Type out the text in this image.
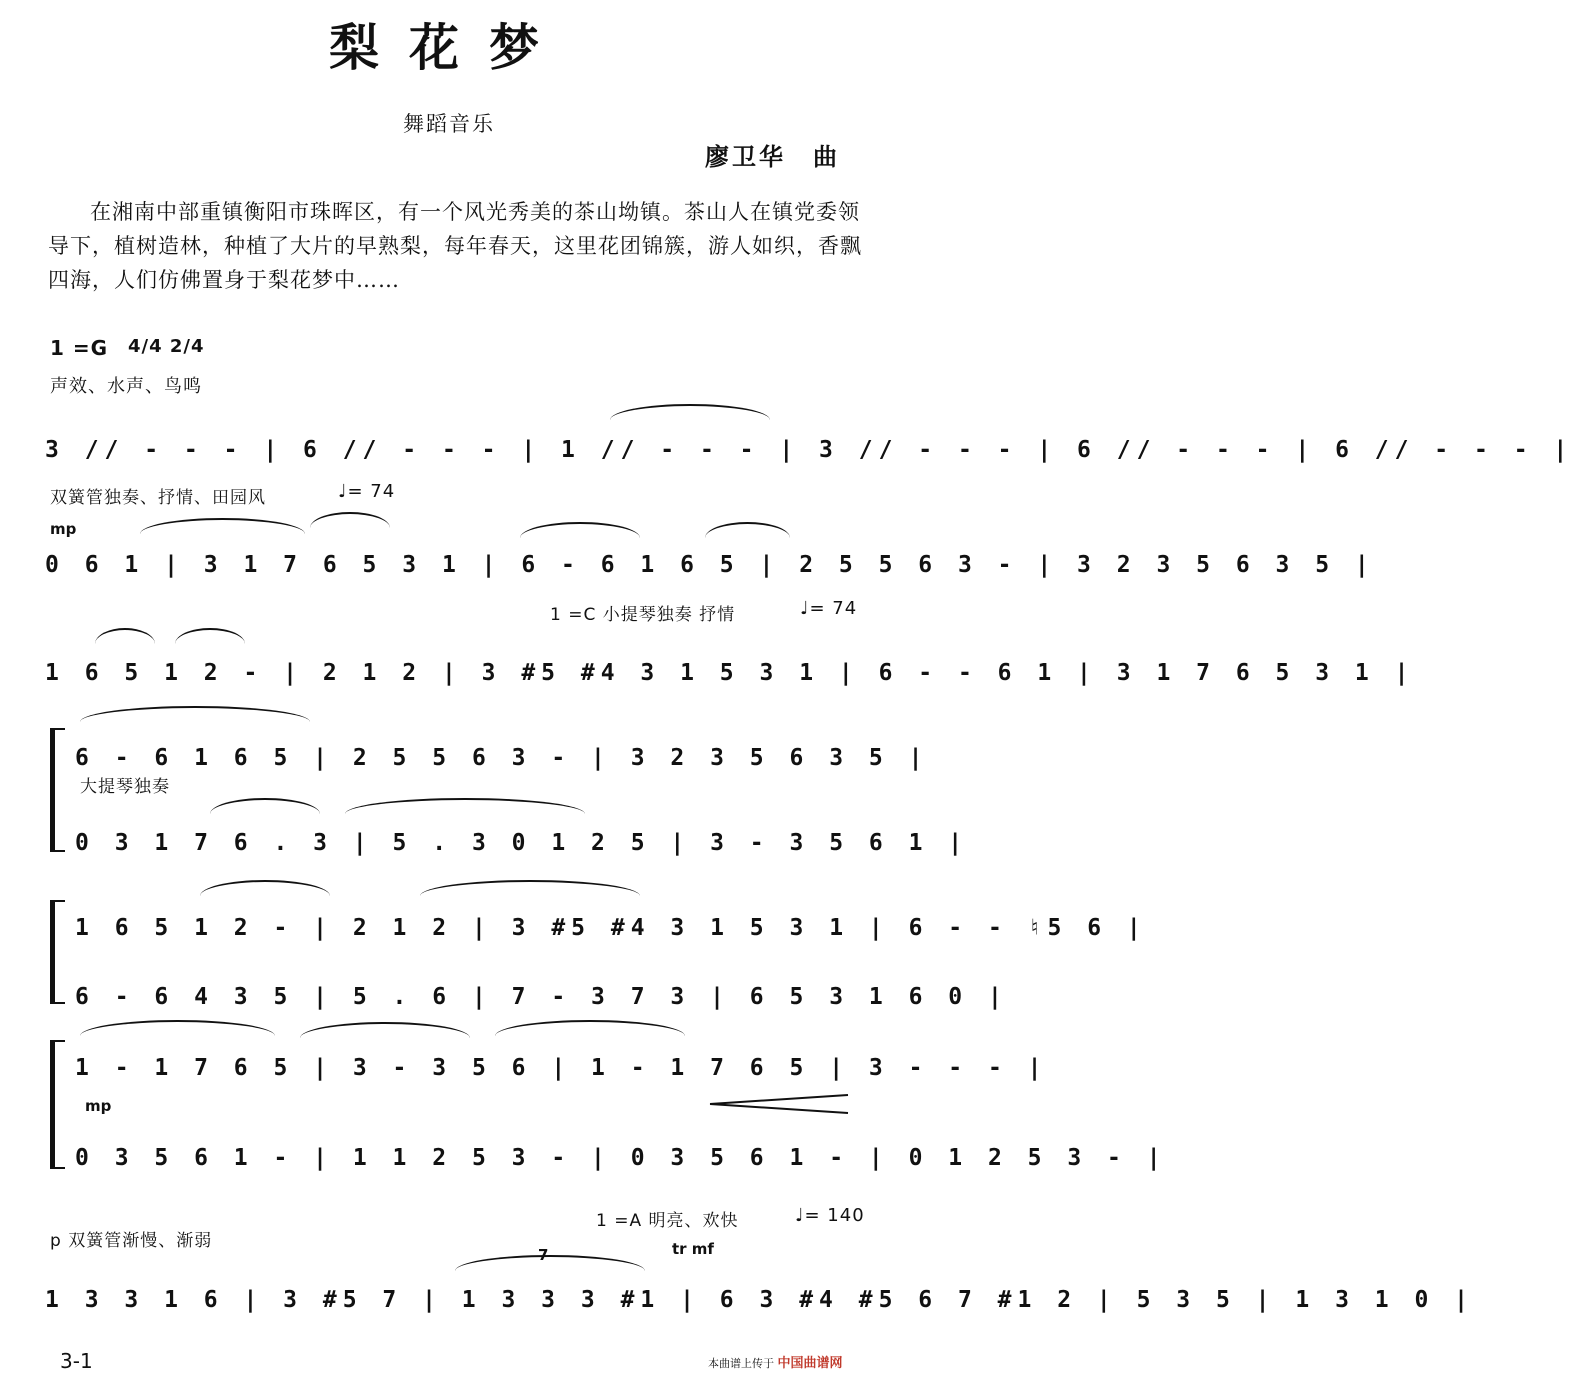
梨花梦
舞蹈音乐
廖卫华　曲

在湘南中部重镇衡阳市珠晖区，有一个风光秀美的茶山坳镇。茶山人在镇党委领导下，植树造林，种植了大片的早熟梨，每年春天，这里花团锦簇，游人如织，香飘四海，人们仿佛置身于梨花梦中……

1 =G 4/4 2/4
声效、水声、鸟鸣
3 // - - - | 6 // - - - | 1 // - - - | 3 // - - - | 6 // - - - | 6 // - - - |
双簧管独奏、抒情、田园风	♩= 74
mp
0 6 1 | 3 1 7 6 5 3 1 | 6 - 6 1 6 5 | 2 5 5 6 3 - | 3 2 3 5 6 3 5 |
1 =C 小提琴独奏 抒情	♩= 74
1 6 5 1 2 - | 2 1 2 | 3 #5 #4 3 1 5 3 1 | 6 - - 6 1 | 3 1 7 6 5 3 1 |
6 - 6 1 6 5 | 2 5 5 6 3 - | 3 2 3 5 6 3 5 |
大提琴独奏
0 3 1 7 6 . 3 | 5 . 3 0 1 2 5 | 3 - 3 5 6 1 |
1 6 5 1 2 - | 2 1 2 | 3 #5 #4 3 1 5 3 1 | 6 - - ♮5 6 |
6 - 6 4 3 5 | 5 . 6 | 7 - 3 7 3 | 6 5 3 1 6 0 |
1 - 1 7 6 5 | 3 - 3 5 6 | 1 - 1 7 6 5 | 3 - - - |
mp
0 3 5 6 1 - | 1 1 2 5 3 - | 0 3 5 6 1 - | 0 1 2 5 3 - |
p 双簧管渐慢、渐弱
1 =A 明亮、欢快	♩= 140
tr mf
7
1 3 3 1 6 | 3 #5 7 | 1 3 3 3 #1 | 6 3 #4 #5 6 7 #1 2 | 5 3 5 | 1 3 1 0 |
3-1	本曲谱上传于 中国曲谱网
